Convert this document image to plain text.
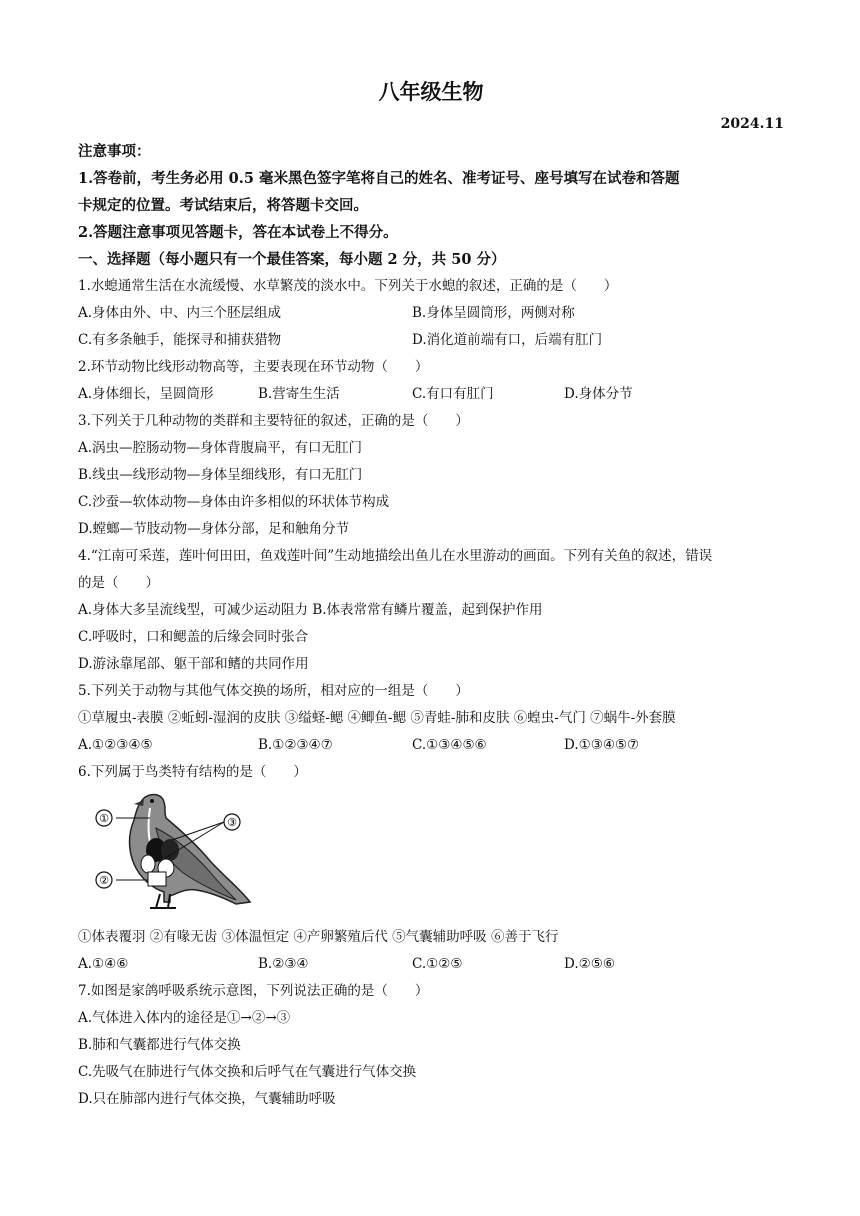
八年级生物
2024.11
注意事项：
1.答卷前，考生务必用 0.5 毫米黑色签字笔将自己的姓名、准考证号、座号填写在试卷和答题
卡规定的位置。考试结束后，将答题卡交回。
2.答题注意事项见答题卡，答在本试卷上不得分。
一、选择题（每小题只有一个最佳答案，每小题 2 分，共 50 分）
1.水螅通常生活在水流缓慢、水草繁茂的淡水中。下列关于水螅的叙述，正确的是（　　）
A.身体由外、中、内三个胚层组成	B.身体呈圆筒形，两侧对称
C.有多条触手，能探寻和捕获猎物	D.消化道前端有口，后端有肛门
2.环节动物比线形动物高等，主要表现在环节动物（　　）
A.身体细长，呈圆筒形	B.营寄生生活	C.有口有肛门	D.身体分节
3.下列关于几种动物的类群和主要特征的叙述，正确的是（　　）
A.涡虫—腔肠动物—身体背腹扁平，有口无肛门
B.线虫—线形动物—身体呈细线形，有口无肛门
C.沙蚕—软体动物—身体由许多相似的环状体节构成
D.螳螂—节肢动物—身体分部，足和触角分节
4.“江南可采莲，莲叶何田田，鱼戏莲叶间”生动地描绘出鱼儿在水里游动的画面。下列有关鱼的叙述，错误
的是（　　）
A.身体大多呈流线型，可减少运动阻力 B.体表常常有鳞片覆盖，起到保护作用
C.呼吸时，口和鳃盖的后缘会同时张合
D.游泳靠尾部、躯干部和鳍的共同作用
5.下列关于动物与其他气体交换的场所，相对应的一组是（　　）
①草履虫-表膜 ②蚯蚓-湿润的皮肤 ③缢蛏-鳃 ④鲫鱼-鳃 ⑤青蛙-肺和皮肤 ⑥蝗虫-气门 ⑦蜗牛-外套膜
A.①②③④⑤	B.①②③④⑦	C.①③④⑤⑥	D.①③④⑤⑦
6.下列属于鸟类特有结构的是（　　）
①
②
③
①体表覆羽 ②有喙无齿 ③体温恒定 ④产卵繁殖后代 ⑤气囊辅助呼吸 ⑥善于飞行
A.①④⑥	B.②③④	C.①②⑤	D.②⑤⑥
7.如图是家鸽呼吸系统示意图，下列说法正确的是（　　）
A.气体进入体内的途径是①→②→③
B.肺和气囊都进行气体交换
C.先吸气在肺进行气体交换和后呼气在气囊进行气体交换
D.只在肺部内进行气体交换，气囊辅助呼吸
